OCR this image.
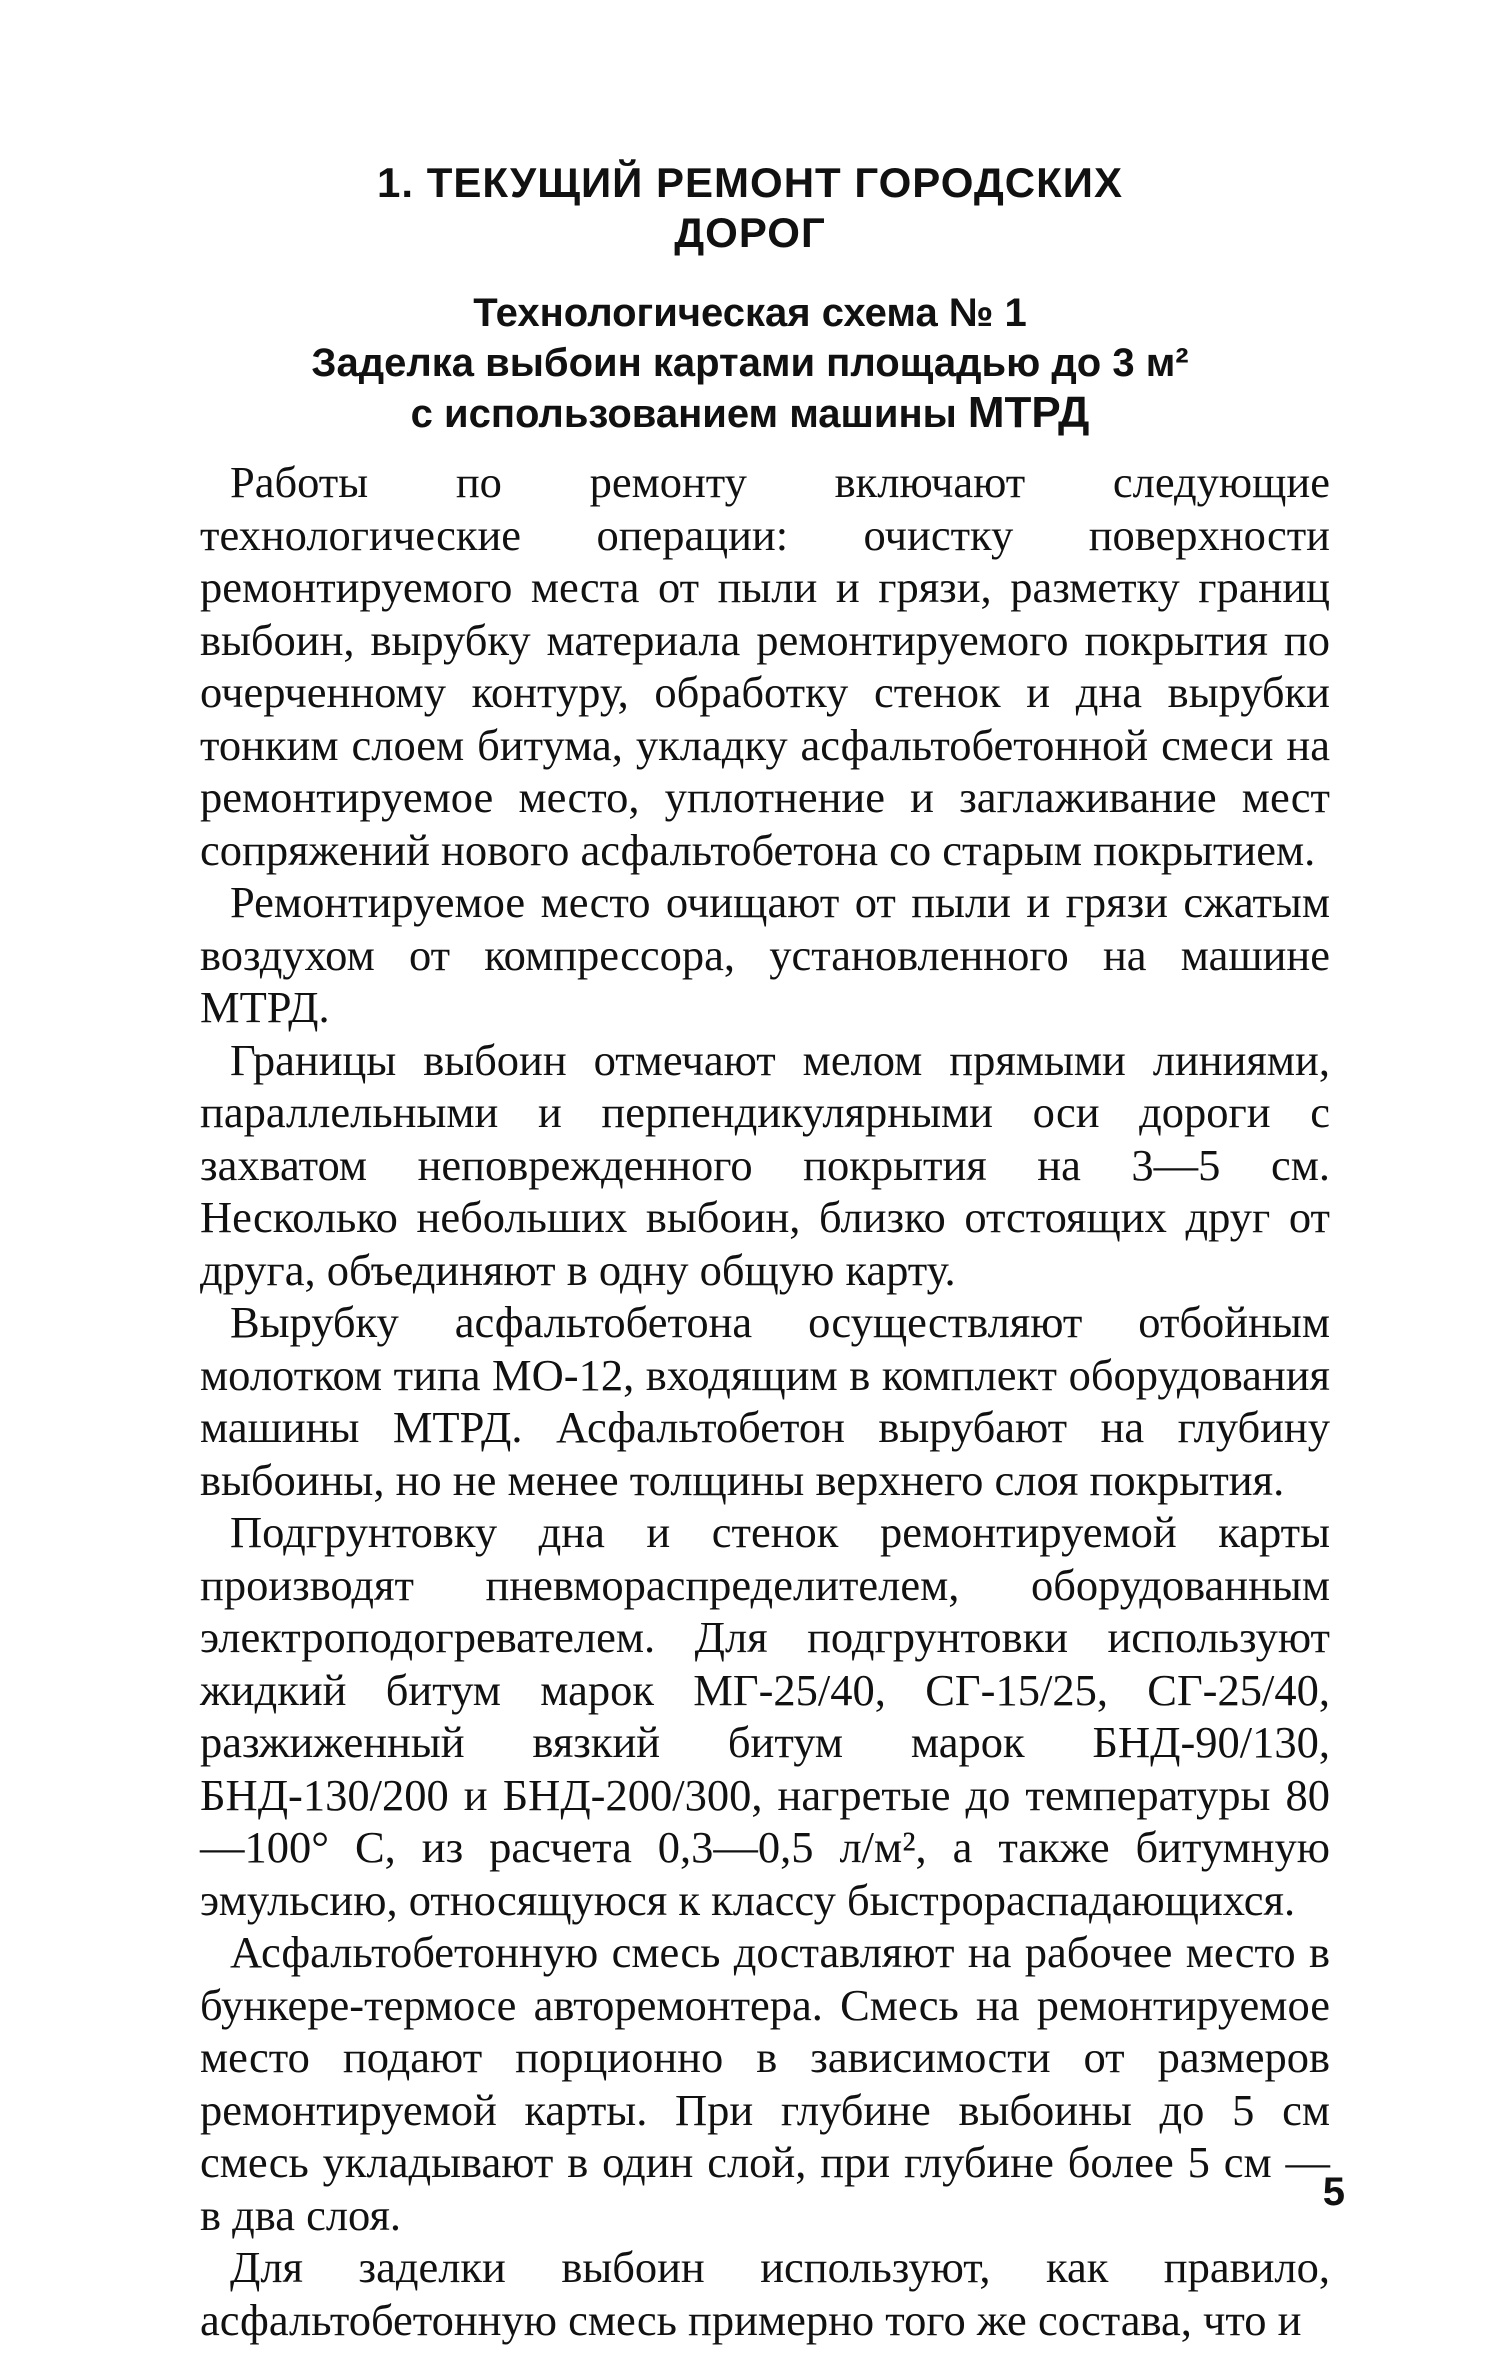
1. ТЕКУЩИЙ РЕМОНТ ГОРОДСКИХ
ДОРОГ
Технологическая схема № 1
Заделка выбоин картами площадью до 3 м²
с использованием машины МТРД

Работы по ремонту включают следующие технологические операции: очистку поверхности ремонтируемого места от пыли и грязи, разметку границ выбоин, вырубку материала ремонтируемого покрытия по очерченному контуру, обработку стенок и дна вырубки тонким слоем битума, укладку асфальтобетонной смеси на ремонтируемое место, уплотнение и заглаживание мест сопряжений нового асфальтобетона со старым покрытием.

Ремонтируемое место очищают от пыли и грязи сжатым воздухом от компрессора, установленного на машине МТРД.

Границы выбоин отмечают мелом прямыми линиями, параллельными и перпендикулярными оси дороги с захватом неповрежденного покрытия на 3—5 см. Несколько небольших выбоин, близко отстоящих друг от друга, объединяют в одну общую карту.

Вырубку асфальтобетона осуществляют отбойным молотком типа МО-12, входящим в комплект оборудования машины МТРД. Асфальтобетон вырубают на глубину выбоины, но не менее толщины верхнего слоя покрытия.

Подгрунтовку дна и стенок ремонтируемой карты производят пневмораспределителем, оборудованным электроподогревателем. Для подгрунтовки используют жидкий битум марок МГ-25/40, СГ-15/25, СГ-25/40, разжиженный вязкий битум марок БНД-90/130, БНД-130/200 и БНД-200/300, нагретые до температуры 80—100° С, из расчета 0,3—0,5 л/м², а также битумную эмульсию, относящуюся к классу быстрораспадающихся.

Асфальтобетонную смесь доставляют на рабочее место в бункере-термосе авторемонтера. Смесь на ремонтируемое место подают порционно в зависимости от размеров ремонтируемой карты. При глубине выбоины до 5 см смесь укладывают в один слой, при глубине более 5 см — в два слоя.

Для заделки выбоин используют, как правило, асфальтобетонную смесь примерно того же состава, что и

5
